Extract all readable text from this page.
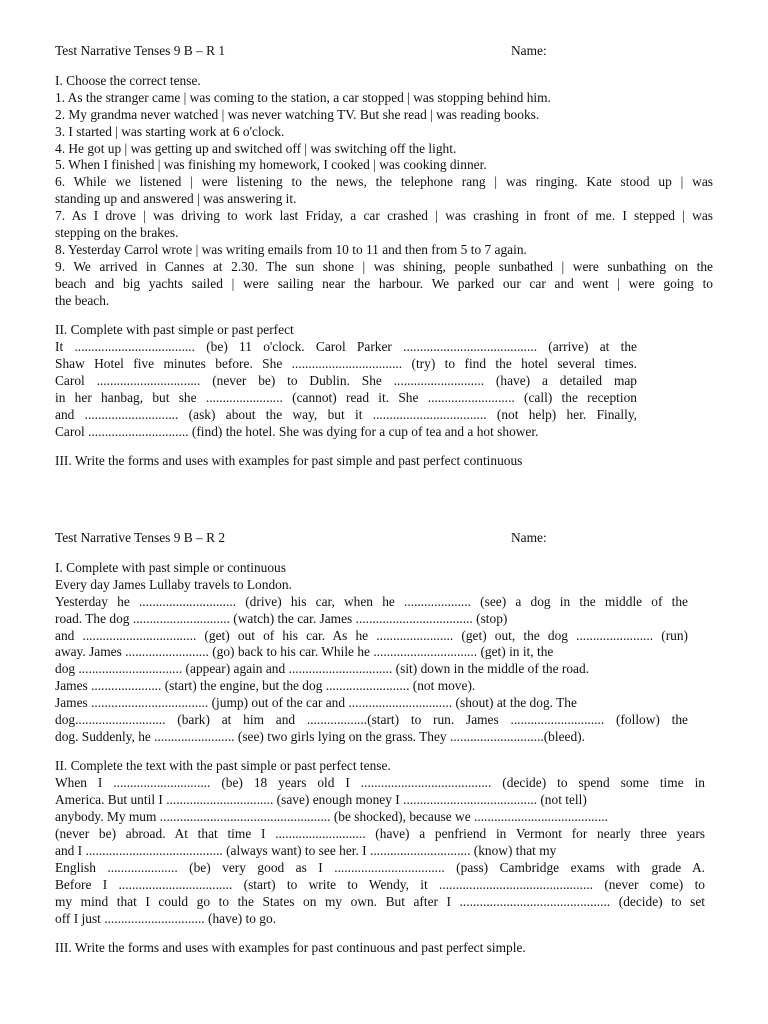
Test Narrative Tenses 9 B – R 1	Name:
I. Choose the correct tense.
1. As the stranger came | was coming to the station, a car stopped | was stopping behind him.
2. My grandma never watched | was never watching TV. But she read | was reading books.
3. I started | was starting work at 6 o'clock.
4. He got up | was getting up and switched off | was switching off the light.
5. When I finished | was finishing my homework, I cooked | was cooking dinner.
6. While we listened | were listening to the news, the telephone rang | was ringing. Kate stood up | was
standing up and answered | was answering it.
7. As I drove | was driving to work last Friday, a car crashed | was crashing in front of me. I stepped | was
stepping on the brakes.
8. Yesterday Carrol wrote | was writing emails from 10 to 11 and then from 5 to 7 again.
9. We arrived in Cannes at 2.30. The sun shone | was shining, people sunbathed | were sunbathing on the
beach and big yachts sailed | were sailing near the harbour. We parked our car and went | were going to
the beach.
II. Complete with past simple or past perfect
It .................................... (be) 11 o'clock. Carol Parker ........................................ (arrive) at the
Shaw Hotel five minutes before. She ................................. (try) to find the hotel several times.
Carol ............................... (never be) to Dublin. She ........................... (have) a detailed map
in her hanbag, but she ....................... (cannot) read it. She .......................... (call) the reception
and ............................ (ask) about the way, but it .................................. (not help) her. Finally,
Carol .............................. (find) the hotel. She was dying for a cup of tea and a hot shower.
III. Write the forms and uses with examples for past simple and past perfect continuous
Test Narrative Tenses 9 B – R 2	Name:
I. Complete with past simple or continuous
Every day James Lullaby travels to London.
Yesterday he ............................. (drive) his car, when he .................... (see) a dog in the middle of the
road. The dog ............................. (watch) the car. James ................................... (stop)
and .................................. (get) out of his car. As he ....................... (get) out, the dog ....................... (run)
away. James ......................... (go) back to his car. While he ............................... (get) in it, the
dog ............................... (appear) again and ............................... (sit) down in the middle of the road.
James ..................... (start) the engine, but the dog ......................... (not move).
James ................................... (jump) out of the car and ............................... (shout) at the dog. The
dog........................... (bark) at him and ..................(start) to run. James ............................ (follow) the
dog. Suddenly, he ........................ (see) two girls lying on the grass. They ............................(bleed).
II. Complete the text with the past simple or past perfect tense.
When I ............................. (be) 18 years old I ....................................... (decide) to spend some time in
America. But until I ................................ (save) enough money I ........................................ (not tell)
anybody. My mum ................................................... (be shocked), because we ........................................
(never be) abroad. At that time I ........................... (have) a penfriend in Vermont for nearly three years
and I ......................................... (always want) to see her. I .............................. (know) that my
English ..................... (be) very good as I ................................. (pass) Cambridge exams with grade A.
Before I .................................. (start) to write to Wendy, it .............................................. (never come) to
my mind that I could go to the States on my own. But after I ............................................. (decide) to set
off I just .............................. (have) to go.
III. Write the forms and uses with examples for past continuous and past perfect simple.
